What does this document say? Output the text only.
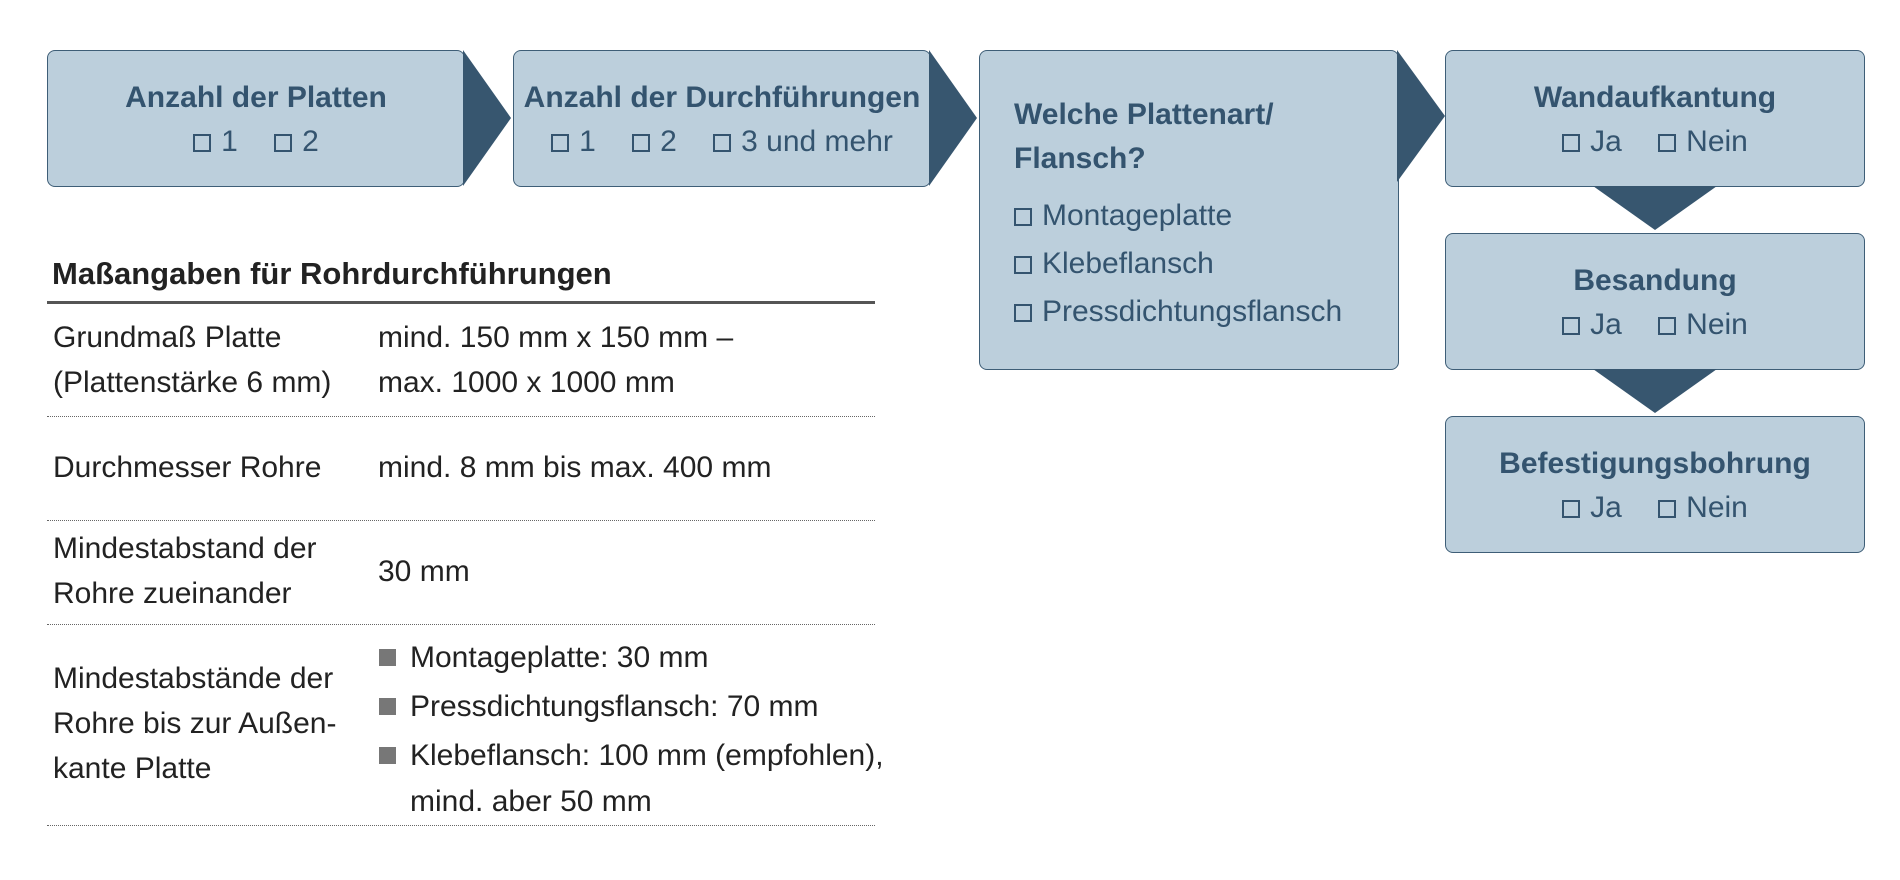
Anzahl der Platten
1 2
Anzahl der Durchführungen
1 2 3 und mehr
Welche Plattenart/
Flansch?
Montageplatte
Klebeflansch
Pressdichtungsflansch
Wandaufkantung
Ja Nein
Besandung
Ja Nein
Befestigungsbohrung
Ja Nein
Maßangaben für Rohrdurchführungen
Grundmaß Platte
(Plattenstärke 6 mm)
mind. 150 mm x 150 mm –
max. 1000 x 1000 mm
Durchmesser Rohre mind. 8 mm bis max. 400 mm
Mindestabstand der
Rohre zueinander
30 mm
Mindestabstände der
Rohre bis zur Außen-
kante Platte
Montageplatte: 30 mm
Pressdichtungsflansch: 70 mm
Klebeflansch: 100 mm (empfohlen),
mind. aber 50 mm
